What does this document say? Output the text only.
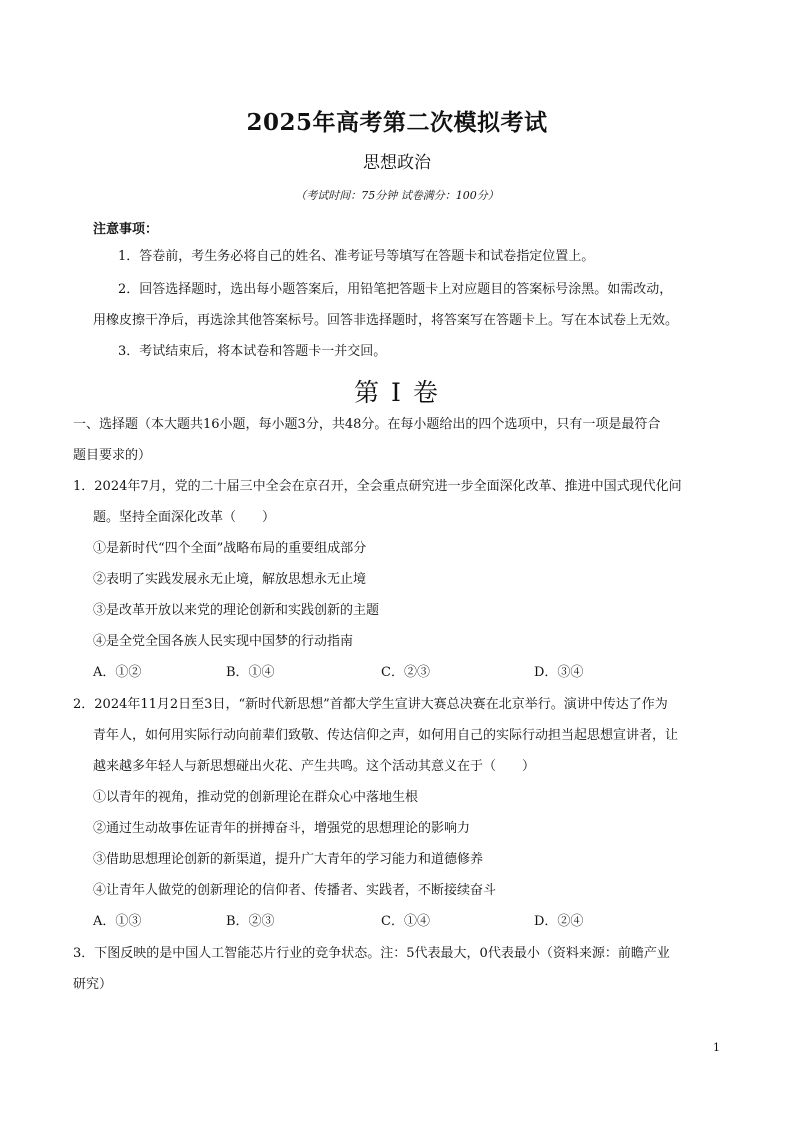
2025年高考第二次模拟考试
思想政治
（考试时间：75分钟 试卷满分：100分）
注意事项：
1．答卷前，考生务必将自己的姓名、准考证号等填写在答题卡和试卷指定位置上。
2．回答选择题时，选出每小题答案后，用铅笔把答题卡上对应题目的答案标号涂黑。如需改动，
用橡皮擦干净后，再选涂其他答案标号。回答非选择题时，将答案写在答题卡上。写在本试卷上无效。
3．考试结束后，将本试卷和答题卡一并交回。
第 I 卷
一、选择题（本大题共16小题，每小题3分，共48分。在每小题给出的四个选项中，只有一项是最符合
题目要求的）
1．2024年7月，党的二十届三中全会在京召开，全会重点研究进一步全面深化改革、推进中国式现代化问
题。坚持全面深化改革（　　）
①是新时代“四个全面”战略布局的重要组成部分
②表明了实践发展永无止境，解放思想永无止境
③是改革开放以来党的理论创新和实践创新的主题
④是全党全国各族人民实现中国梦的行动指南
A．①②	B．①④	C．②③	D．③④
2．2024年11月2日至3日，“新时代新思想”首都大学生宣讲大赛总决赛在北京举行。演讲中传达了作为
青年人，如何用实际行动向前辈们致敬、传达信仰之声，如何用自己的实际行动担当起思想宣讲者，让
越来越多年轻人与新思想碰出火花、产生共鸣。这个活动其意义在于（　　）
①以青年的视角，推动党的创新理论在群众心中落地生根
②通过生动故事佐证青年的拼搏奋斗，增强党的思想理论的影响力
③借助思想理论创新的新渠道，提升广大青年的学习能力和道德修养
④让青年人做党的创新理论的信仰者、传播者、实践者，不断接续奋斗
A．①③	B．②③	C．①④	D．②④
3．下图反映的是中国人工智能芯片行业的竞争状态。注：5代表最大，0代表最小（资料来源：前瞻产业
研究）
1
